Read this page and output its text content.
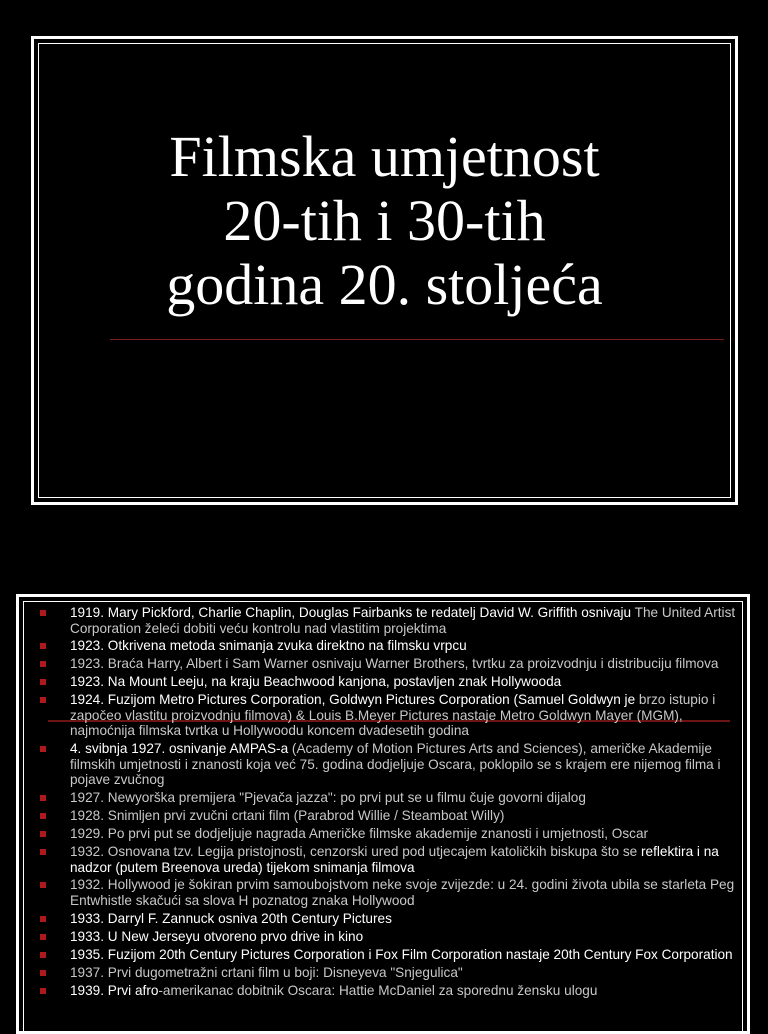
Filmska umjetnost
20-tih i 30-tih
godina 20. stoljeća
1919. Mary Pickford, Charlie Chaplin, Douglas Fairbanks te redatelj David W. Griffith osnivaju The United Artist Corporation želeći dobiti veću kontrolu nad vlastitim projektima
1923. Otkrivena metoda snimanja zvuka direktno na filmsku vrpcu
1923. Braća Harry, Albert i Sam Warner osnivaju Warner Brothers, tvrtku za proizvodnju i distribuciju filmova
1923. Na Mount Leeju, na kraju Beachwood kanjona, postavljen znak Hollywooda
1924. Fuzijom Metro Pictures Corporation, Goldwyn Pictures Corporation (Samuel Goldwyn je brzo istupio i započeo vlastitu proizvodnju filmova) & Louis B.Meyer Pictures nastaje Metro Goldwyn Mayer (MGM), najmoćnija filmska tvrtka u Hollywoodu koncem dvadesetih godina
4. svibnja 1927. osnivanje AMPAS-a (Academy of Motion Pictures Arts and Sciences), američke Akademije filmskih umjetnosti i znanosti koja već 75. godina dodjeljuje Oscara, poklopilo se s krajem ere nijemog filma i pojave zvučnog
1927. Newyorška premijera "Pjevača jazza": po prvi put se u filmu čuje govorni dijalog
1928. Snimljen prvi zvučni crtani film (Parabrod Willie / Steamboat Willy)
1929. Po prvi put se dodjeljuje nagrada Američke filmske akademije znanosti i umjetnosti, Oscar
1932. Osnovana tzv. Legija pristojnosti, cenzorski ured pod utjecajem katoličkih biskupa što se reflektira i na nadzor (putem Breenova ureda) tijekom snimanja filmova
1932. Hollywood je šokiran prvim samoubojstvom neke svoje zvijezde: u 24. godini života ubila se starleta Peg Entwhistle skačući sa slova H poznatog znaka Hollywood
1933. Darryl F. Zannuck osniva 20th Century Pictures
1933. U New Jerseyu otvoreno prvo drive in kino
1935. Fuzijom 20th Century Pictures Corporation i Fox Film Corporation nastaje 20th Century Fox Corporation
1937. Prvi dugometražni crtani film u boji: Disneyeva "Snjegulica"
1939. Prvi afro-amerikanac dobitnik Oscara: Hattie McDaniel za sporednu žensku ulogu
